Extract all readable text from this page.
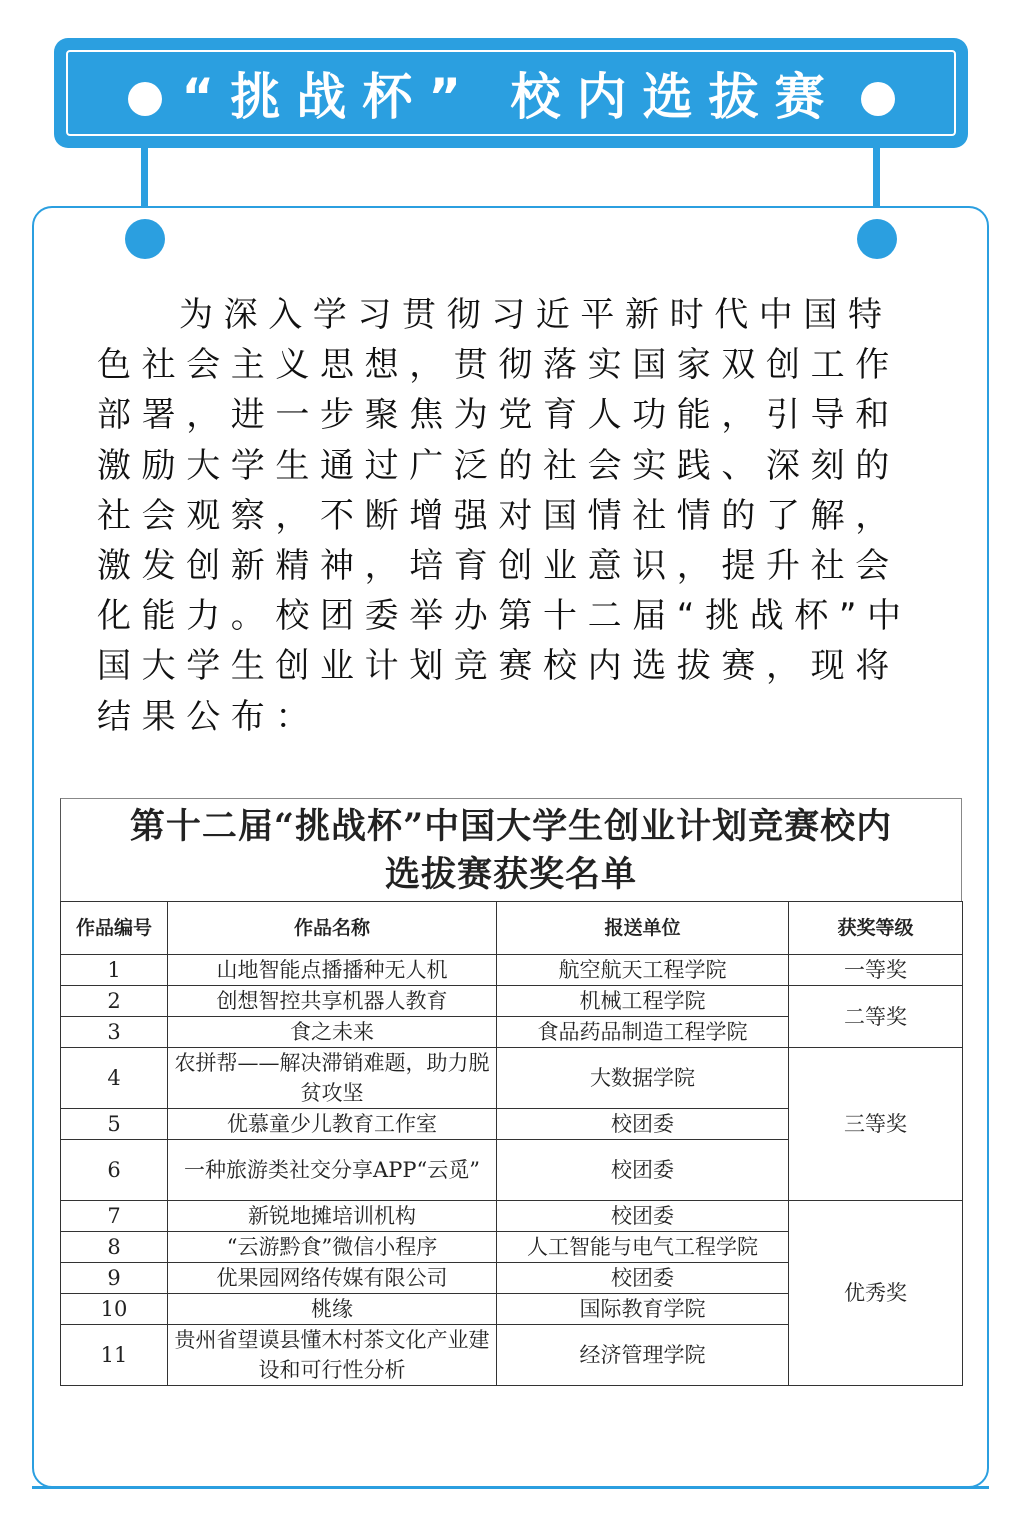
“挑战杯” 校内选拔赛

为深入学习贯彻习近平新时代中国特色社会主义思想，贯彻落实国家双创工作部署，进一步聚焦为党育人功能，引导和激励大学生通过广泛的社会实践、深刻的社会观察，不断增强对国情社情的了解，激发创新精神，培育创业意识，提升社会化能力。校团委举办第十二届“挑战杯”中国大学生创业计划竞赛校内选拔赛，现将结果公布：

第十二届“挑战杯”中国大学生创业计划竞赛校内
选拔赛获奖名单
作品编号	作品名称	报送单位	获奖等级
1	山地智能点播播种无人机	航空航天工程学院	一等奖
2	创想智控共享机器人教育	机械工程学院	二等奖
3	食之未来	食品药品制造工程学院	
4	农拼帮——解决滞销难题，助力脱贫攻坚	大数据学院	三等奖
5	优慕童少儿教育工作室	校团委	
6	一种旅游类社交分享APP“云觅”	校团委	
7	新锐地摊培训机构	校团委	优秀奖
8	“云游黔食”微信小程序	人工智能与电气工程学院	
9	优果园网络传媒有限公司	校团委	
10	桃缘	国际教育学院	
11	贵州省望谟县懂木村茶文化产业建设和可行性分析	经济管理学院	
